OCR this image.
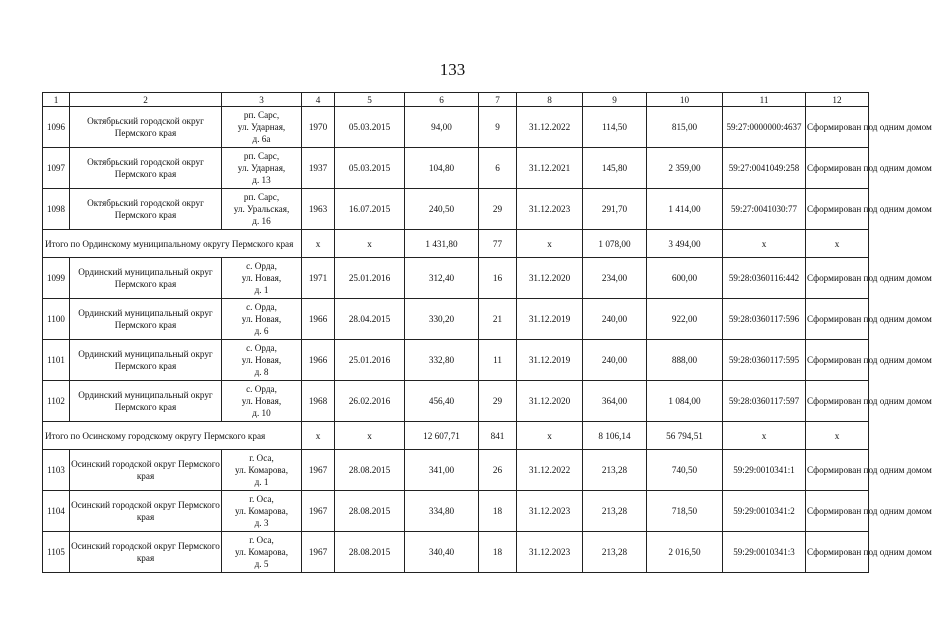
133
1	2	3	4	5	6	7	8	9	10	11	12
1096	Октябрьский городской округ Пермского края	рп. Сарс,
ул. Ударная,
д. 6а	1970	05.03.2015	94,00	9	31.12.2022	114,50	815,00	59:27:0000000:4637	Сформирован под одним домом
1097	Октябрьский городской округ Пермского края	рп. Сарс,
ул. Ударная,
д. 13	1937	05.03.2015	104,80	6	31.12.2021	145,80	2 359,00	59:27:0041049:258	Сформирован под одним домом
1098	Октябрьский городской округ Пермского края	рп. Сарс,
ул. Уральская,
д. 16	1963	16.07.2015	240,50	29	31.12.2023	291,70	1 414,00	59:27:0041030:77	Сформирован под одним домом
Итого по Ординскому муниципальному округу Пермского края			x	x	1 431,80	77	x	1 078,00	3 494,00	x	x
1099	Ординский муниципальный округ Пермского края	с. Орда,
ул. Новая,
д. 1	1971	25.01.2016	312,40	16	31.12.2020	234,00	600,00	59:28:0360116:442	Сформирован под одним домом
1100	Ординский муниципальный округ Пермского края	с. Орда,
ул. Новая,
д. 6	1966	28.04.2015	330,20	21	31.12.2019	240,00	922,00	59:28:0360117:596	Сформирован под одним домом
1101	Ординский муниципальный округ Пермского края	с. Орда,
ул. Новая,
д. 8	1966	25.01.2016	332,80	11	31.12.2019	240,00	888,00	59:28:0360117:595	Сформирован под одним домом
1102	Ординский муниципальный округ Пермского края	с. Орда,
ул. Новая,
д. 10	1968	26.02.2016	456,40	29	31.12.2020	364,00	1 084,00	59:28:0360117:597	Сформирован под одним домом
Итого по Осинскому городскому округу Пермского края			x	x	12 607,71	841	x	8 106,14	56 794,51	x	x
1103	Осинский городской округ Пермского края	г. Оса,
ул. Комарова,
д. 1	1967	28.08.2015	341,00	26	31.12.2022	213,28	740,50	59:29:0010341:1	Сформирован под одним домом
1104	Осинский городской округ Пермского края	г. Оса,
ул. Комарова,
д. 3	1967	28.08.2015	334,80	18	31.12.2023	213,28	718,50	59:29:0010341:2	Сформирован под одним домом
1105	Осинский городской округ Пермского края	г. Оса,
ул. Комарова,
д. 5	1967	28.08.2015	340,40	18	31.12.2023	213,28	2 016,50	59:29:0010341:3	Сформирован под одним домом
